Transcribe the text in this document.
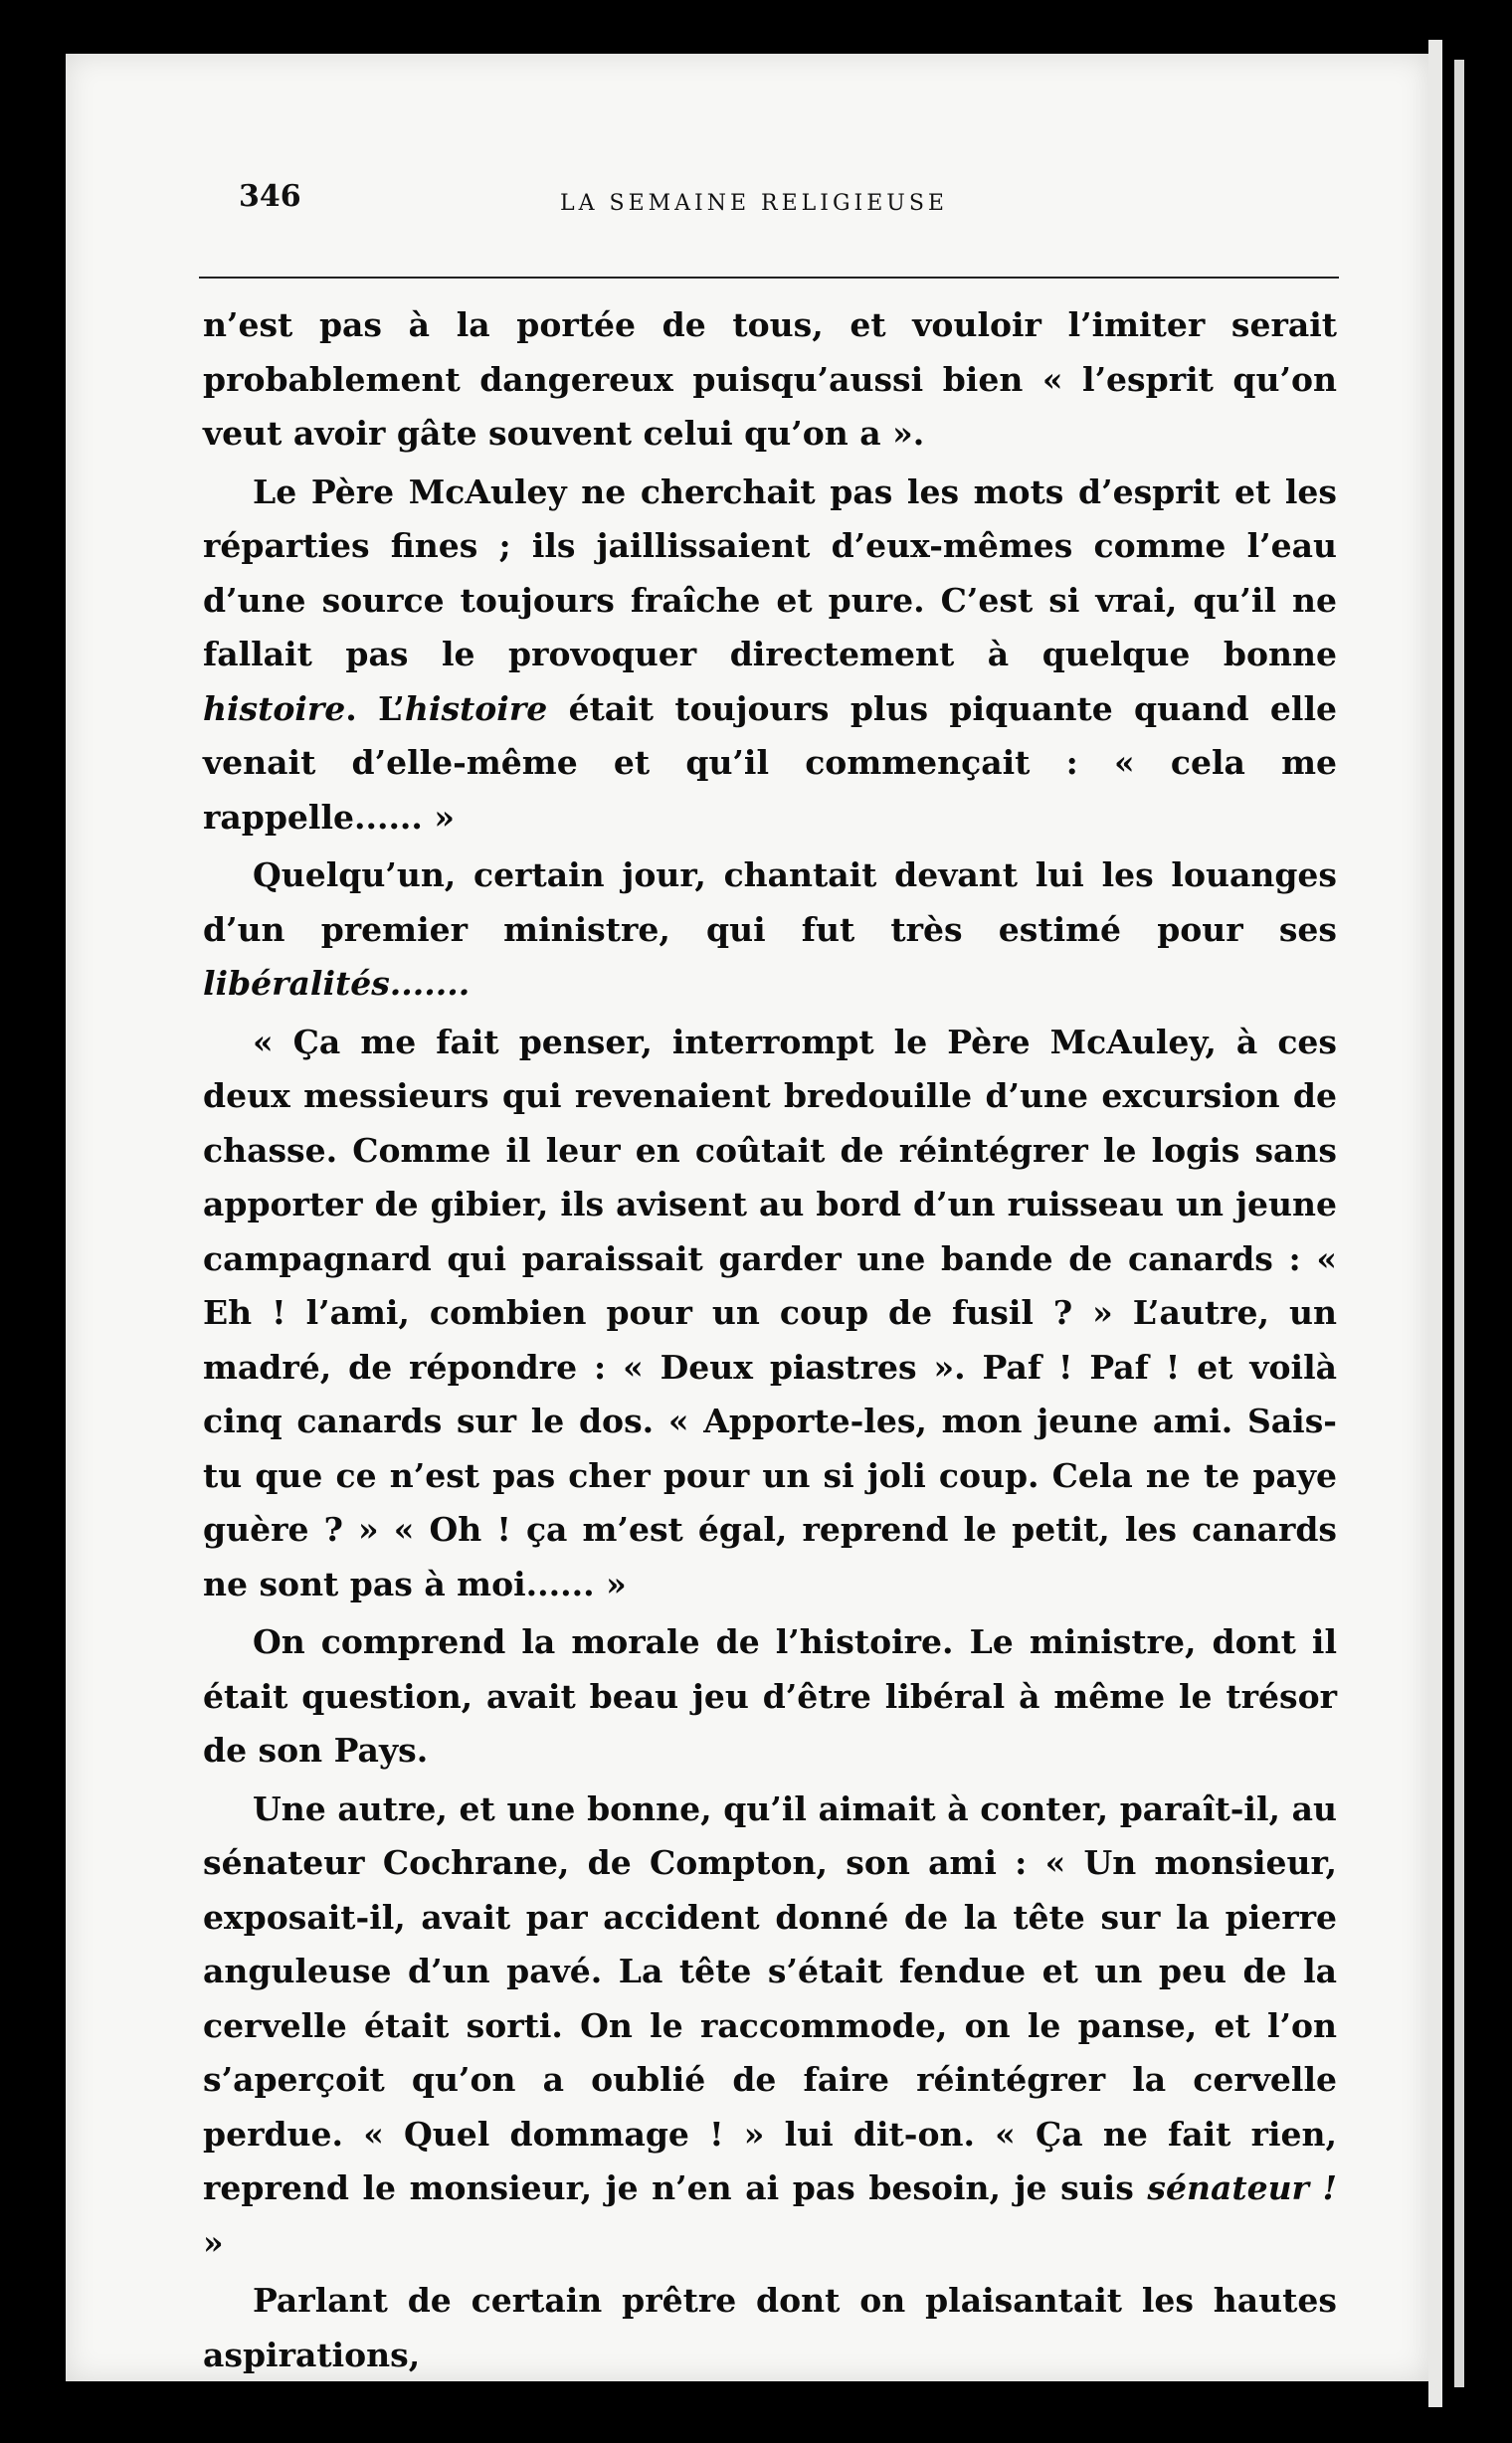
346	LA SEMAINE RELIGIEUSE

n’est pas à la portée de tous, et vouloir l’imiter serait probablement dangereux puisqu’aussi bien « l’esprit qu’on veut avoir gâte souvent celui qu’on a ».

Le Père McAuley ne cherchait pas les mots d’esprit et les réparties fines ; ils jaillissaient d’eux-mêmes comme l’eau d’une source toujours fraîche et pure. C’est si vrai, qu’il ne fallait pas le provoquer directement à quelque bonne histoire. L’histoire était toujours plus piquante quand elle venait d’elle-même et qu’il commençait : « cela me rappelle...... »

Quelqu’un, certain jour, chantait devant lui les louanges d’un premier ministre, qui fut très estimé pour ses libéralités.......

« Ça me fait penser, interrompt le Père McAuley, à ces deux messieurs qui revenaient bredouille d’une excursion de chasse. Comme il leur en coûtait de réintégrer le logis sans apporter de gibier, ils avisent au bord d’un ruisseau un jeune campagnard qui paraissait garder une bande de canards : « Eh ! l’ami, combien pour un coup de fusil ? » L’autre, un madré, de répondre : « Deux piastres ». Paf ! Paf ! et voilà cinq canards sur le dos. « Apporte-les, mon jeune ami. Sais-tu que ce n’est pas cher pour un si joli coup. Cela ne te paye guère ? » « Oh ! ça m’est égal, reprend le petit, les canards ne sont pas à moi...... »

On comprend la morale de l’histoire. Le ministre, dont il était question, avait beau jeu d’être libéral à même le trésor de son Pays.

Une autre, et une bonne, qu’il aimait à conter, paraît-il, au sénateur Cochrane, de Compton, son ami : « Un monsieur, exposait-il, avait par accident donné de la tête sur la pierre anguleuse d’un pavé. La tête s’était fendue et un peu de la cervelle était sorti. On le raccommode, on le panse, et l’on s’aperçoit qu’on a oublié de faire réintégrer la cervelle perdue. « Quel dommage ! » lui dit-on. « Ça ne fait rien, reprend le monsieur, je n’en ai pas besoin, je suis sénateur ! »

Parlant de certain prêtre dont on plaisantait les hautes aspirations,
